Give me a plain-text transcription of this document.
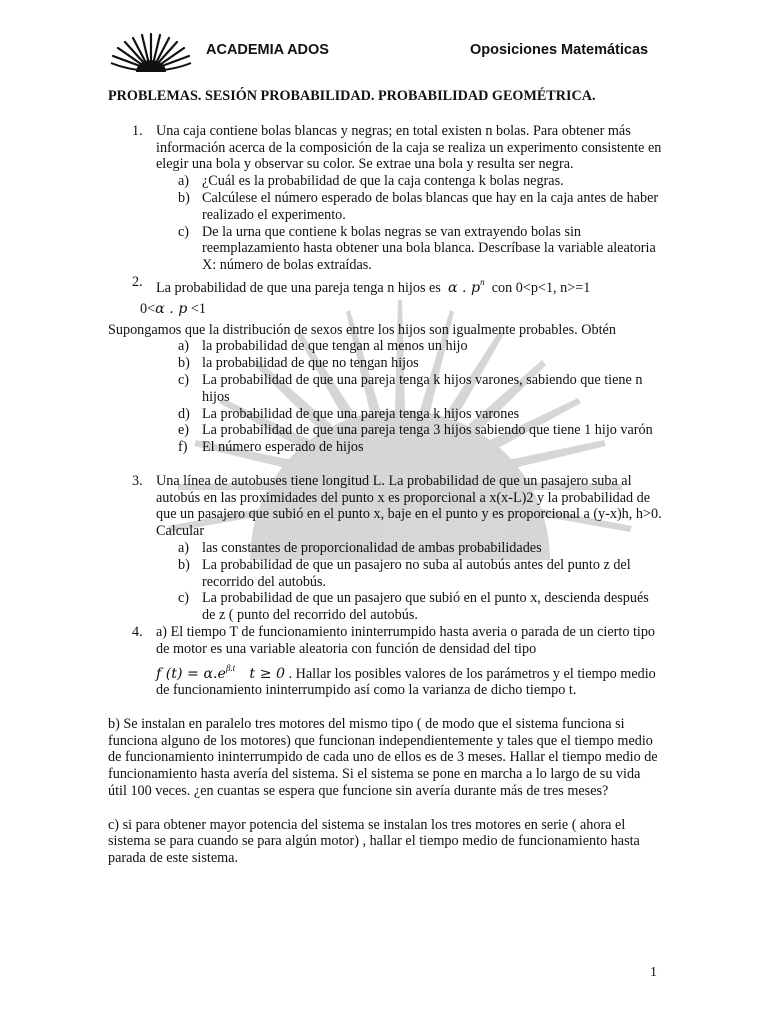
ACADEMIA ADOS	Oposiciones Matemáticas
PROBLEMAS. SESIÓN PROBABILIDAD. PROBABILIDAD GEOMÉTRICA.
1. Una caja contiene bolas blancas y negras; en total existen n bolas. Para obtener más información acerca de la composición de la caja se realiza un experimento consistente en elegir una bola y observar su color. Se extrae una bola y resulta ser negra.
a) ¿Cuál es la probabilidad de que la caja contenga k bolas negras.
b) Calcúlese el número esperado de bolas blancas que hay en la caja antes de haber realizado el experimento.
c) De la urna que contiene k bolas negras se van extrayendo bolas sin reemplazamiento hasta obtener una bola blanca. Descríbase la variable aleatoria X: número de bolas extraídas.
2. La probabilidad de que una pareja tenga n hijos es α . $p^n$ con 0<p<1, n>=1
0<α . p <1
Supongamos que la distribución de sexos entre los hijos son igualmente probables. Obtén
a) la probabilidad de que tengan al menos un hijo
b) la probabilidad de que no tengan hijos
c) La probabilidad de que una pareja tenga k hijos varones, sabiendo que tiene n hijos
d) La probabilidad de que una pareja tenga k hijos varones
e) La probabilidad de que una pareja tenga 3 hijos sabiendo que tiene 1 hijo varón
f) El número esperado de hijos
3. Una línea de autobuses tiene longitud L. La probabilidad de que un pasajero suba al autobús en las proximidades del punto x es proporcional a x(x-L)2 y la probabilidad de que un pasajero que subió en el punto x, baje en el punto y es proporcional a (y-x)h, h>0. Calcular
a) las constantes de proporcionalidad de ambas probabilidades
b) La probabilidad de que un pasajero no suba al autobús antes del punto z del recorrido del autobús.
c) La probabilidad de que un pasajero que subió en el punto x, descienda después de z ( punto del recorrido del autobús.
4. a) El tiempo T de funcionamiento ininterrumpido hasta averia o parada de un cierto tipo de motor es una variable aleatoria con función de densidad del tipo
f $(t) = \alpha.e^{\beta.t}$ t ≥ 0 . Hallar los posibles valores de los parámetros y el tiempo medio de funcionamiento ininterrumpido así como la varianza de dicho tiempo t.
b) Se instalan en paralelo tres motores del mismo tipo ( de modo que el sistema funciona si funciona alguno de los motores) que funcionan independientemente y tales que el tiempo medio de funcionamiento ininterrumpido de cada uno de ellos es de 3 meses. Hallar el tiempo medio de funcionamiento hasta avería del sistema. Si el sistema se pone en marcha a lo largo de su vida útil 100 veces. ¿en cuantas se espera que funcione sin avería durante más de tres meses?
c) si para obtener mayor potencia del sistema se instalan los tres motores en serie ( ahora el sistema se para cuando se para algún motor) , hallar el tiempo medio de funcionamiento hasta parada de este sistema.
1
